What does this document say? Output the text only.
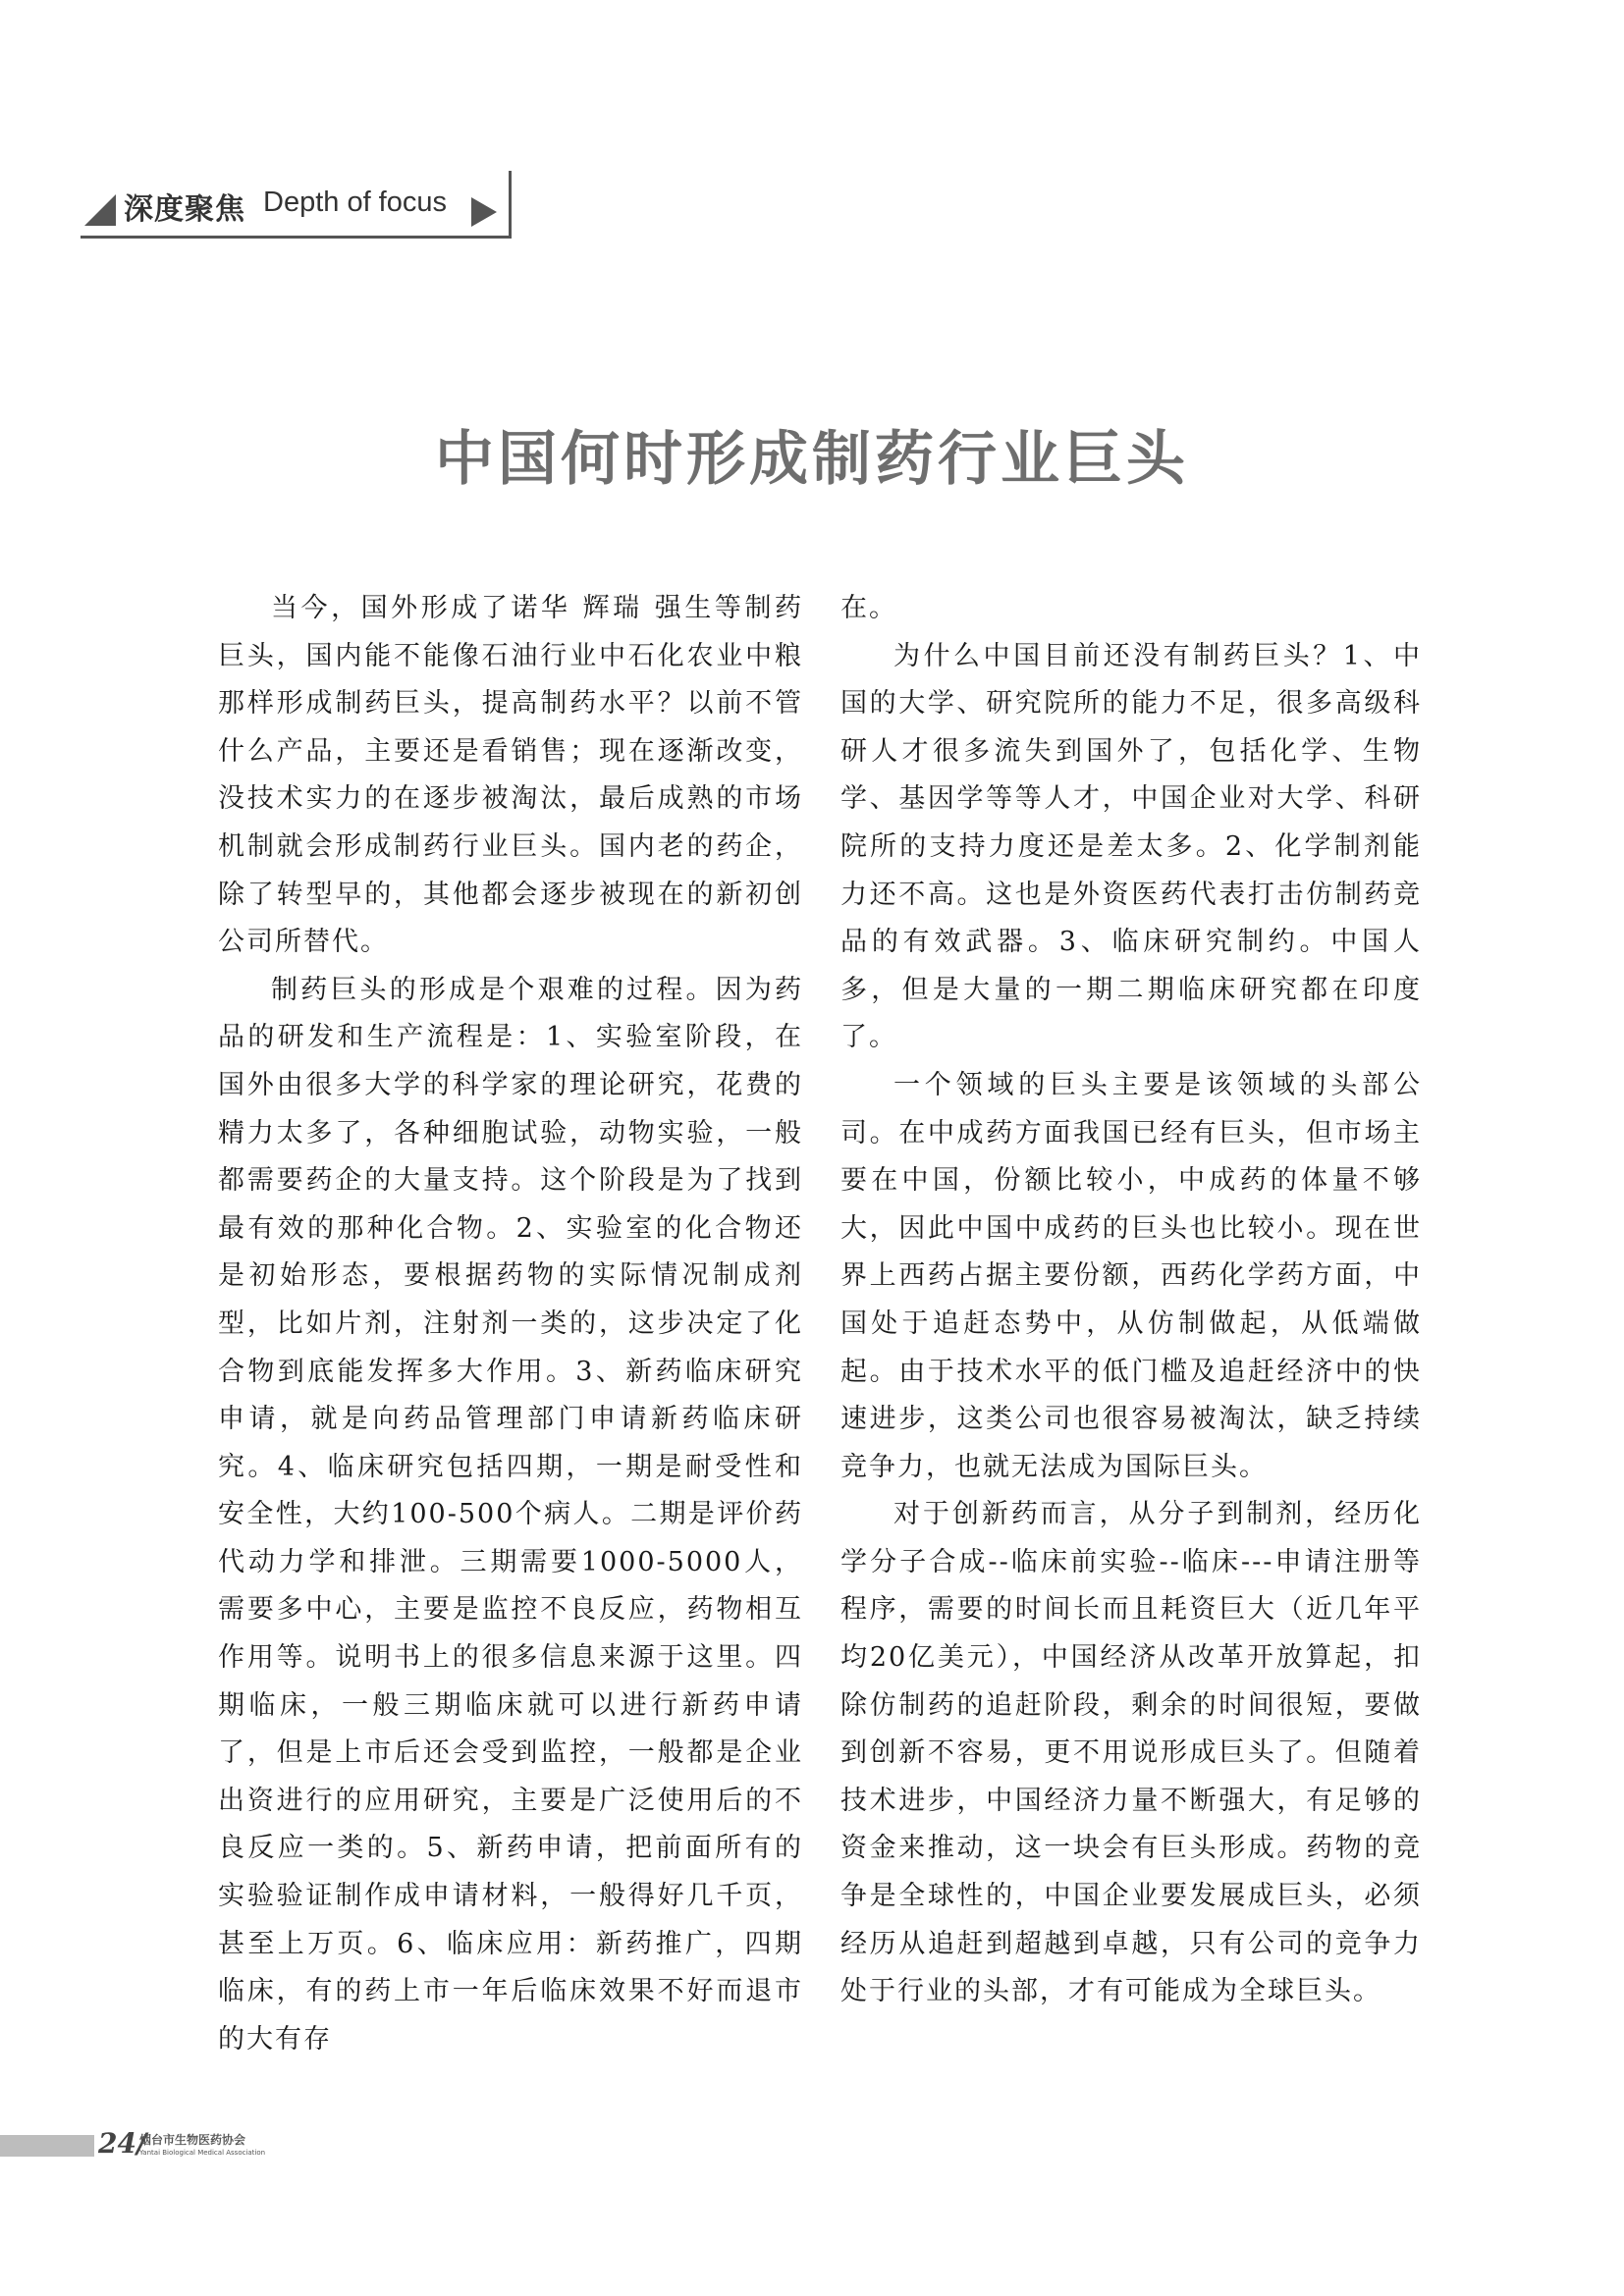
深度聚焦 Depth of focus
中国何时形成制药行业巨头

当今，国外形成了诺华 辉瑞 强生等制药巨头，国内能不能像石油行业中石化农业中粮那样形成制药巨头，提高制药水平？以前不管什么产品，主要还是看销售；现在逐渐改变，没技术实力的在逐步被淘汰，最后成熟的市场机制就会形成制药行业巨头。国内老的药企，除了转型早的，其他都会逐步被现在的新初创公司所替代。

制药巨头的形成是个艰难的过程。因为药品的研发和生产流程是：1、实验室阶段，在国外由很多大学的科学家的理论研究，花费的精力太多了，各种细胞试验，动物实验，一般都需要药企的大量支持。这个阶段是为了找到最有效的那种化合物。2、实验室的化合物还是初始形态，要根据药物的实际情况制成剂型，比如片剂，注射剂一类的，这步决定了化合物到底能发挥多大作用。3、新药临床研究申请，就是向药品管理部门申请新药临床研究。4、临床研究包括四期，一期是耐受性和安全性，大约100-500个病人。二期是评价药代动力学和排泄。三期需要1000-5000人，需要多中心，主要是监控不良反应，药物相互作用等。说明书上的很多信息来源于这里。四期临床，一般三期临床就可以进行新药申请了，但是上市后还会受到监控，一般都是企业出资进行的应用研究，主要是广泛使用后的不良反应一类的。5、新药申请，把前面所有的实验验证制作成申请材料，一般得好几千页，甚至上万页。6、临床应用：新药推广，四期临床，有的药上市一年后临床效果不好而退市的大有存

在。

为什么中国目前还没有制药巨头？1、中国的大学、研究院所的能力不足，很多高级科研人才很多流失到国外了，包括化学、生物学、基因学等等人才，中国企业对大学、科研院所的支持力度还是差太多。2、化学制剂能力还不高。这也是外资医药代表打击仿制药竞品的有效武器。3、临床研究制约。中国人多，但是大量的一期二期临床研究都在印度了。

一个领域的巨头主要是该领域的头部公司。在中成药方面我国已经有巨头，但市场主要在中国，份额比较小，中成药的体量不够大，因此中国中成药的巨头也比较小。现在世界上西药占据主要份额，西药化学药方面，中国处于追赶态势中，从仿制做起，从低端做起。由于技术水平的低门槛及追赶经济中的快速进步，这类公司也很容易被淘汰，缺乏持续竞争力，也就无法成为国际巨头。

对于创新药而言，从分子到制剂，经历化学分子合成--临床前实验--临床---申请注册等程序，需要的时间长而且耗资巨大（近几年平均20亿美元），中国经济从改革开放算起，扣除仿制药的追赶阶段，剩余的时间很短，要做到创新不容易，更不用说形成巨头了。但随着技术进步，中国经济力量不断强大，有足够的资金来推动，这一块会有巨头形成。药物的竞争是全球性的，中国企业要发展成巨头，必须经历从追赶到超越到卓越，只有公司的竞争力处于行业的头部，才有可能成为全球巨头。

24/
烟台市生物医药协会
Yantai Biological Medical Association
